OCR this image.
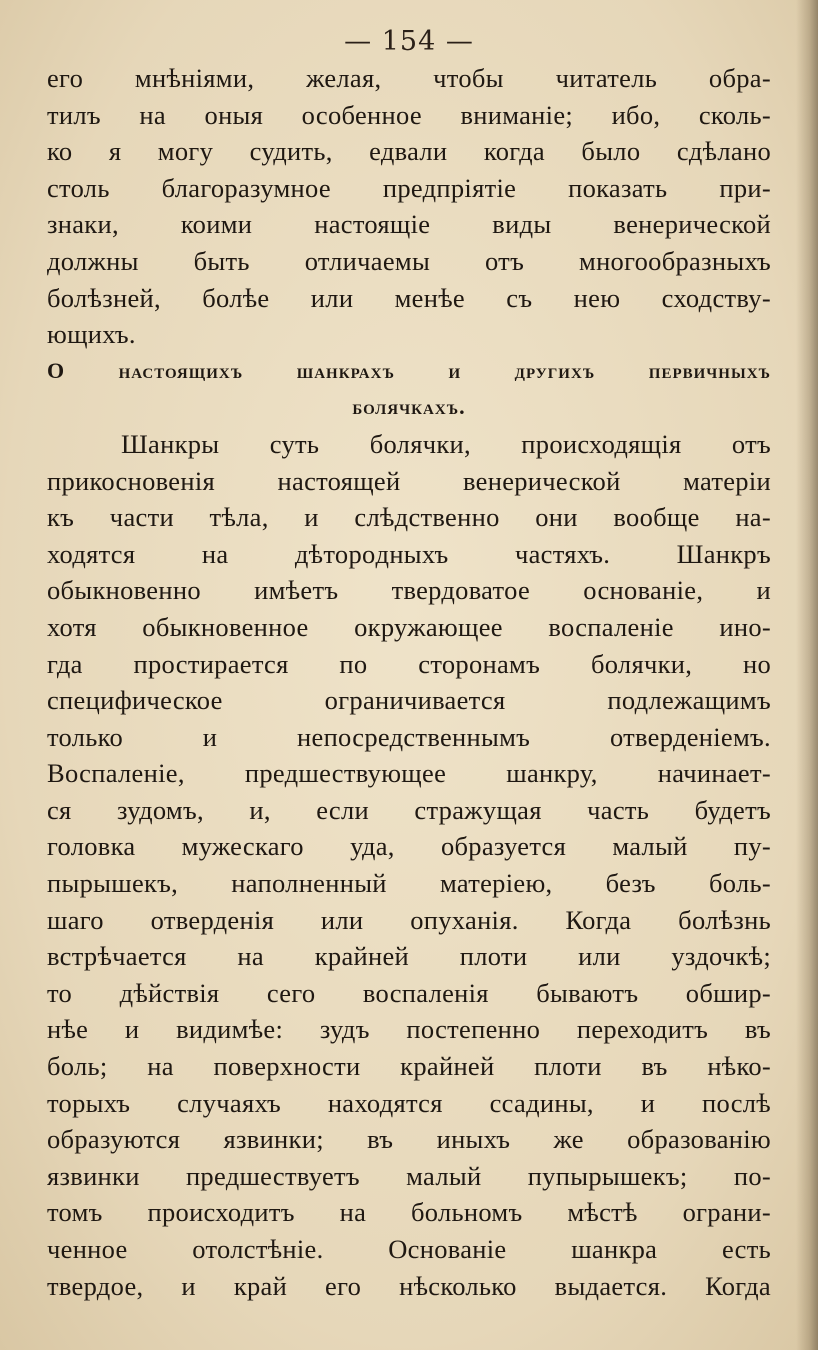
— 154 —
его мнѣніями, желая, чтобы читатель обра-
тилъ на оныя особенное вниманіе; ибо, сколь-
ко я могу судить, едвали когда было сдѣлано
столь благоразумное предпріятіе показать при-
знаки, коими настоящіе виды венерической
должны быть отличаемы отъ многообразныхъ
болѣзней, болѣе или менѣе съ нею сходству-
ющихъ.
О настоящихъ шанкрахъ и другихъ первичныхъ
болячкахъ.
Шанкры суть болячки, происходящія отъ
прикосновенія настоящей венерической матеріи
къ части тѣла, и слѣдственно они вообще на-
ходятся на дѣторoдныхъ частяхъ. Шанкръ
обыкновенно имѣетъ твердоватое основаніе, и
хотя обыкновенное окружающее воспаленіе ино-
гда простирается по сторонамъ болячки, но
специфическое ограничивается подлежащимъ
только и непосредственнымъ отверденіемъ.
Воспаленіе, предшествующее шанкру, начинает-
ся зудомъ, и, если стражущая часть будетъ
головка мужескаго уда, образуется малый пу-
пырышекъ, наполненный матеріею, безъ боль-
шаго отверденія или опуханія. Когда болѣзнь
встрѣчается на крайней плоти или уздочкѣ;
то дѣйствія сего воспаленія бываютъ обшир-
нѣе и видимѣе: зудъ постепенно переходитъ въ
боль; на поверхности крайней плоти въ нѣко-
торыхъ случаяхъ находятся ссадины, и послѣ
образуются язвинки; въ иныхъ же образованію
язвинки предшествуетъ малый пупырышекъ; по-
томъ происходитъ на больномъ мѣстѣ ограни-
ченное отолстѣніе. Основаніе шанкра есть
твердое, и край его нѣсколько выдается. Когда
